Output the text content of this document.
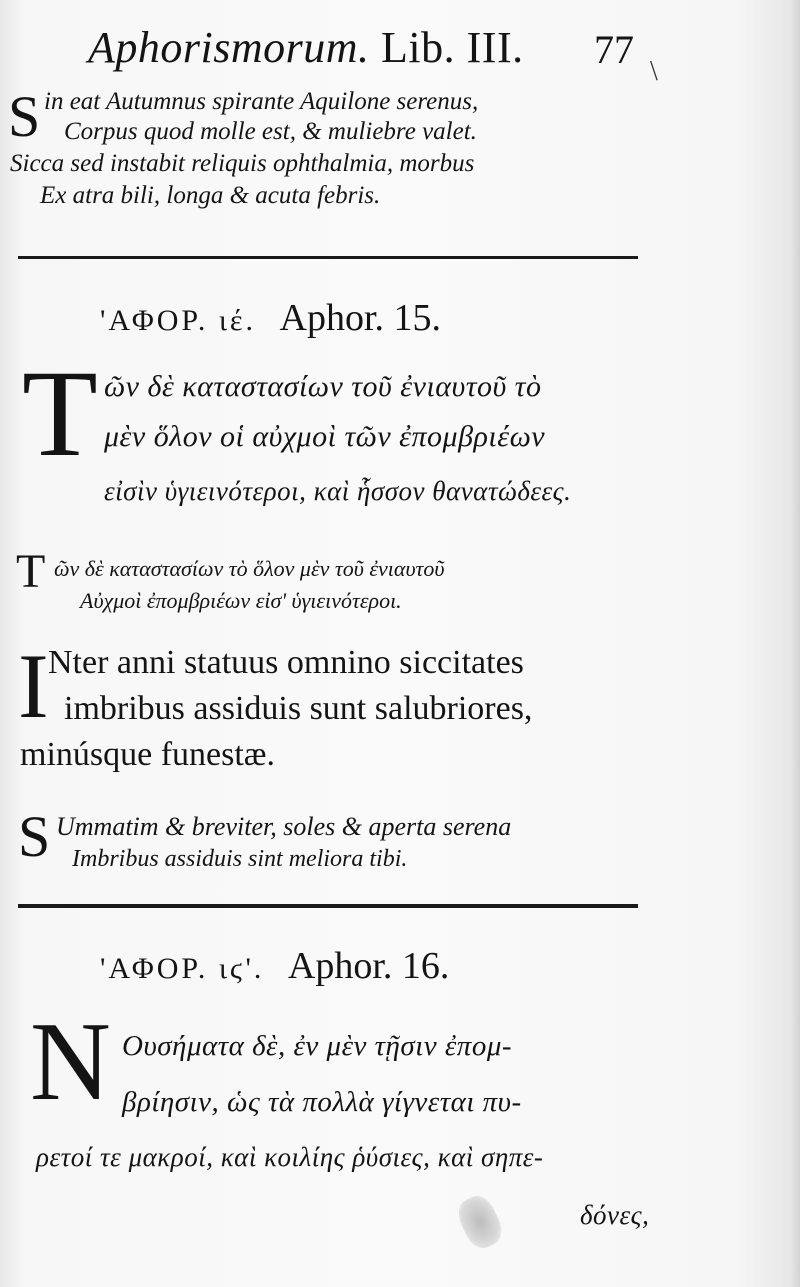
Aphorismorum. Lib. III. 77 \
S in eat Autumnus spirante Aquilone serenus,
Corpus quod molle est, & muliebre valet.
Sicca sed instabit reliquis ophthalmia, morbus
Ex atra bili, longa & acuta febris.
'ΑΦΟΡ. ιέ. Aphor. 15.
T ῶν δὲ καταστασίων τοῦ ἐνιαυτοῦ τὸ
μὲν ὅλον οἱ αὐχμοὶ τῶν ἐπομβριέων
εἰσὶν ὑγιεινότεροι, καὶ ἧσσον θανατώδεες.
T ῶν δὲ καταστασίων τὸ ὅλον μὲν τοῦ ἐνιαυτοῦ
Αὐχμοὶ ἐπομβριέων εἰσ' ὑγιεινότεροι.
I Nter anni statuus omnino siccitates
imbribus assiduis sunt salubriores,
minúsque funestæ.
S Ummatim & breviter, soles & aperta serena
Imbribus assiduis sint meliora tibi.
'ΑΦΟΡ. ιϛ'. Aphor. 16.
N Ουσήματα δὲ, ἐν μὲν τῇσιν ἐπομ-
βρίησιν, ὡς τὰ πολλὰ γίγνεται πυ-
ρετοί τε μακροί, καὶ κοιλίης ῥύσιες, καὶ σηπε-
δόνες,
